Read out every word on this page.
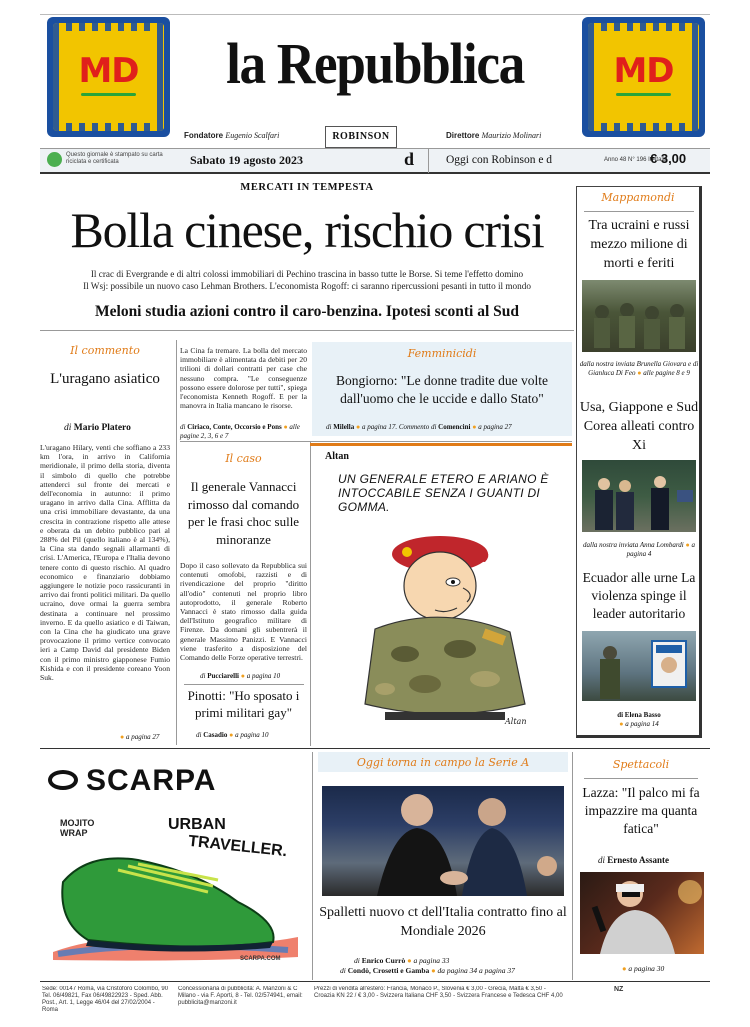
MD	la Repubblica	MD
Fondatore Eugenio Scalfari	Direttore Maurizio Molinari
ROBINSON
Questo giornale è stampato su carta riciclata e certificata	Sabato 19 agosto 2023	d	Oggi con Robinson e d	Anno 48 N° 196 In Italia
€ 3,00
MERCATI IN TEMPESTA
Bolla cinese, rischio crisi
Il crac di Evergrande e di altri colossi immobiliari di Pechino trascina in basso tutte le Borse. Si teme l'effetto domino
Il Wsj: possibile un nuovo caso Lehman Brothers. L'economista Rogoff: ci saranno ripercussioni pesanti in tutto il mondo
Meloni studia azioni contro il caro-benzina. Ipotesi sconti al Sud
Il commento
L'uragano asiatico
di Mario Platero
L'uragano Hilary, venti che soffiano a 233 km l'ora, in arrivo in California meridionale, il primo della storia, diventa il simbolo di quello che potrebbe attenderci sul fronte dei mercati e dell'economia in autunno: il primo uragano in arrivo dalla Cina. Afflitta da una crisi immobiliare devastante, da una crescita in contrazione rispetto alle attese e oberata da un debito pubblico pari al 288% del Pil (quello italiano è al 134%), la Cina sta dando segnali allarmanti di crisi. L'America, l'Europa e l'Italia devono tenere conto di questo rischio. Al quadro economico e finanziario dobbiamo aggiungere le notizie poco rassicuranti in arrivo dai fronti politici militari. Da quello ucraino, dove ormai la guerra sembra destinata a continuare nel prossimo inverno. E da quello asiatico e di Taiwan, con la Cina che ha giudicato una grave provocazione il primo vertice convocato ieri a Camp David dal presidente Biden con il primo ministro giapponese Fumio Kishida e con il presidente coreano Yoon Suk.
● a pagina 27
La Cina fa tremare. La bolla del mercato immobiliare è alimentata da debiti per 20 trilioni di dollari contratti per case che nessuno compra. "Le conseguenze possono essere dolorose per tutti", spiega l'economista Kenneth Rogoff. E per la manovra in Italia mancano le risorse.
di Ciriaco, Conte, Occorsio e Pons ● alle pagine 2, 3, 6 e 7
Femminicidi
Bongiorno: "Le donne tradite due volte dall'uomo che le uccide e dallo Stato"
di Milella ● a pagina 17. Commento di Comencini ● a pagina 27
Il caso
Il generale Vannacci rimosso dal comando per le frasi choc sulle minoranze
Dopo il caso sollevato da Repubblica sui contenuti omofobi, razzisti e di rivendicazione del proprio "diritto all'odio" contenuti nel proprio libro autoprodotto, il generale Roberto Vannacci è stato rimosso dalla guida dell'Istituto geografico militare di Firenze. Da domani gli subentrerà il generale Massimo Panizzi. E Vannacci viene trasferito a disposizione del Comando delle Forze operative terrestri.
di Pucciarelli ● a pagina 10
Pinotti: "Ho sposato i primi militari gay"
di Casadio ● a pagina 10
Altan
UN GENERALE ETERO E ARIANO È INTOCCABILE SENZA I GUANTI DI GOMMA.
Altan
Mappamondi
Tra ucraini e russi mezzo milione di morti e feriti
dalla nostra inviata Brunella Giovara e di Gianluca Di Feo ● alle pagine 8 e 9
Usa, Giappone e Sud Corea alleati contro Xi
dalla nostra inviata Anna Lombardi ● a pagina 4
Ecuador alle urne La violenza spinge il leader autoritario
di Elena Basso
● a pagina 14
SCARPA
MOJITO
WRAP	URBAN
TRAVELLER.
SCARPA.COM
Oggi torna in campo la Serie A
Spalletti nuovo ct dell'Italia contratto fino al Mondiale 2026
di Enrico Currò ● a pagina 33
di Condò, Crosetti e Gamba ● da pagina 34 a pagina 37
Spettacoli
Lazza: "Il palco mi fa impazzire ma quanta fatica"
di Ernesto Assante
● a pagina 30
Sede: 00147 Roma, via Cristoforo Colombo, 90 Tel. 06/49821, Fax 06/49822923 - Sped. Abb. Post., Art. 1, Legge 46/04 del 27/02/2004 - Roma
Concessionaria di pubblicità: A. Manzoni & C Milano - via F. Aporti, 8 - Tel. 02/574941, email: pubblicita@manzoni.it
Prezzi di vendita all'estero: Francia, Monaco P., Slovenia € 3,00 - Grecia, Malta € 3,50 - Croazia KN 22 / € 3,00 - Svizzera Italiana CHF 3,50 - Svizzera Francese e Tedesca CHF 4,00
NZ
